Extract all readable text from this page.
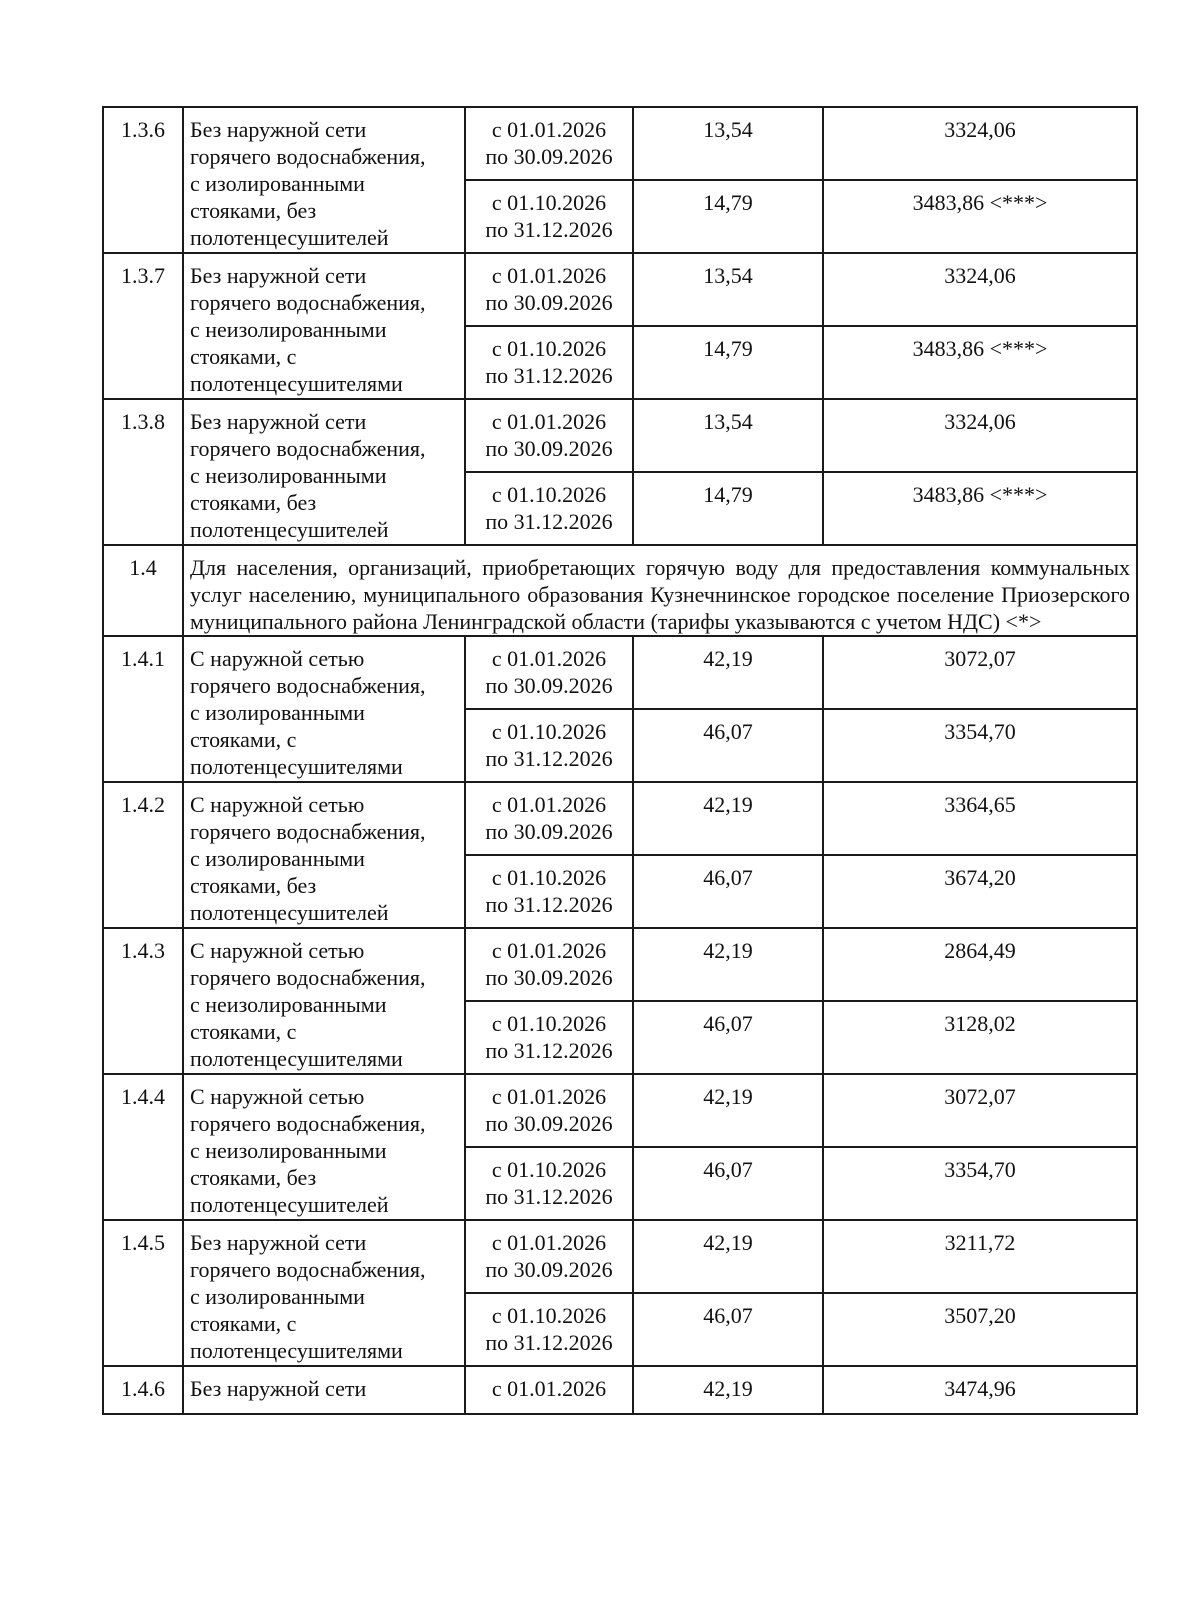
1.3.6	Без наружной сети
горячего водоснабжения,
с изолированными
стояками, без
полотенцесушителей	с 01.01.2026
по 30.09.2026	13,54	3324,06

		с 01.10.2026
по 31.12.2026	14,79	3483,86 <***>
1.3.7	Без наружной сети
горячего водоснабжения,
с неизолированными
стояками, с
полотенцесушителями	с 01.01.2026
по 30.09.2026	13,54	3324,06

		с 01.10.2026
по 31.12.2026	14,79	3483,86 <***>
1.3.8	Без наружной сети
горячего водоснабжения,
с неизолированными
стояками, без
полотенцесушителей	с 01.01.2026
по 30.09.2026	13,54	3324,06

		с 01.10.2026
по 31.12.2026	14,79	3483,86 <***>
1.4	Для населения, организаций, приобретающих горячую воду для предоставления коммунальных услуг населению, муниципального образования Кузнечнинское городское поселение Приозерского муниципального района Ленинградской области (тарифы указываются с учетом НДС) <*>			
1.4.1	С наружной сетью
горячего водоснабжения,
с изолированными
стояками, с
полотенцесушителями	с 01.01.2026
по 30.09.2026	42,19	3072,07

		с 01.10.2026
по 31.12.2026	46,07	3354,70
1.4.2	С наружной сетью
горячего водоснабжения,
с изолированными
стояками, без
полотенцесушителей	с 01.01.2026
по 30.09.2026	42,19	3364,65

		с 01.10.2026
по 31.12.2026	46,07	3674,20
1.4.3	С наружной сетью
горячего водоснабжения,
с неизолированными
стояками, с
полотенцесушителями	с 01.01.2026
по 30.09.2026	42,19	2864,49

		с 01.10.2026
по 31.12.2026	46,07	3128,02
1.4.4	С наружной сетью
горячего водоснабжения,
с неизолированными
стояками, без
полотенцесушителей	с 01.01.2026
по 30.09.2026	42,19	3072,07

		с 01.10.2026
по 31.12.2026	46,07	3354,70
1.4.5	Без наружной сети
горячего водоснабжения,
с изолированными
стояками, с
полотенцесушителями	с 01.01.2026
по 30.09.2026	42,19	3211,72

		с 01.10.2026
по 31.12.2026	46,07	3507,20
1.4.6	Без наружной сети	с 01.01.2026	42,19	3474,96
